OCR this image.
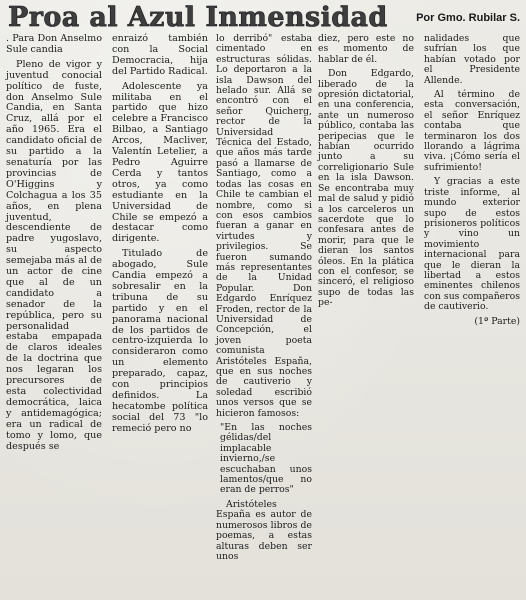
Proa al Azul Inmensidad	Por Gmo. Rubilar S.

. Para Don Anselmo Sule candia

Pleno de vigor y juventud conocial político de fuste, don Anselmo Sule Candia, en Santa Cruz, allá por el año 1965. Era el candidato oficial de su partido a la senaturía por las provincias de O'Higgins y Colchagua a los 35 años, en plena juventud, descendiente de padre yugoslavo, su aspecto semejaba más al de un actor de cine que al de un candidato a senador de la república, pero su personalidad estaba empapada de claros ideales de la doctrina que nos legaran los precursores de esta colectividad democrática, laica y antidemagógica; era un radical de tomo y lomo, que después se

enraizó también con la Social Democracia, hija del Partido Radical.

Adolescente ya militaba en el partido que hizo celebre a Francisco Bilbao, a Santiago Arcos, Macliver, Valentín Letelier, a Pedro Aguirre Cerda y tantos otros, ya como estudiante en la Universidad de Chile se empezó a destacar como dirigente.

Titulado de abogado, Sule Candia empezó a sobresalir en la tribuna de su partido y en el panorama nacional de los partidos de centro-izquierda lo consideraron como un elemento preparado, capaz, con principios definidos. La hecatombe política social del 73 "lo remeció pero no

lo derribó" estaba cimentado en estructuras sólidas. Lo deportaron a la isla Dawson del helado sur. Allá se encontró con el señor Quicherg, rector de la Universidad Técnica del Estado, que años más tarde pasó a llamarse de Santiago, como a todas las cosas en Chile te cambian el nombre, como si con esos cambios fueran a ganar en virtudes y privilegios. Se fueron sumando más representantes de la Unidad Popular. Don Edgardo Enríquez Froden, rector de la Universidad de Concepción, el joven poeta comunista Aristóteles España, que en sus noches de cautiverio y soledad escribió unos versos que se hicieron famosos:

"En las noches gélidas/del implacable invierno,/se escuchaban unos lamentos/que no eran de perros"

Aristóteles España es autor de numerosos libros de poemas, a estas alturas deben ser unos

diez, pero este no es momento de hablar de él.

Don Edgardo, liberado de la opresión dictatorial, en una conferencia, ante un numeroso público, contaba las peripecias que le habían ocurrido junto a su correligionario Sule en la isla Dawson. Se encontraba muy mal de salud y pidió a los carceleros un sacerdote que lo confesara antes de morir, para que le dieran los santos óleos. En la plática con el confesor, se sinceró, el religioso supo de todas las pe-

nalidades que sufrían los que habían votado por el Presidente Allende.

Al término de esta conversación, el señor Enríquez contaba que terminaron los dos llorando a lágrima viva. ¡Cómo sería el sufrimiento!

Y gracias a este triste informe, al mundo exterior supo de estos prisioneros políticos y vino un movimiento internacional para que le dieran la libertad a estos eminentes chilenos con sus compañeros de cautiverio.

(1ª Parte)
